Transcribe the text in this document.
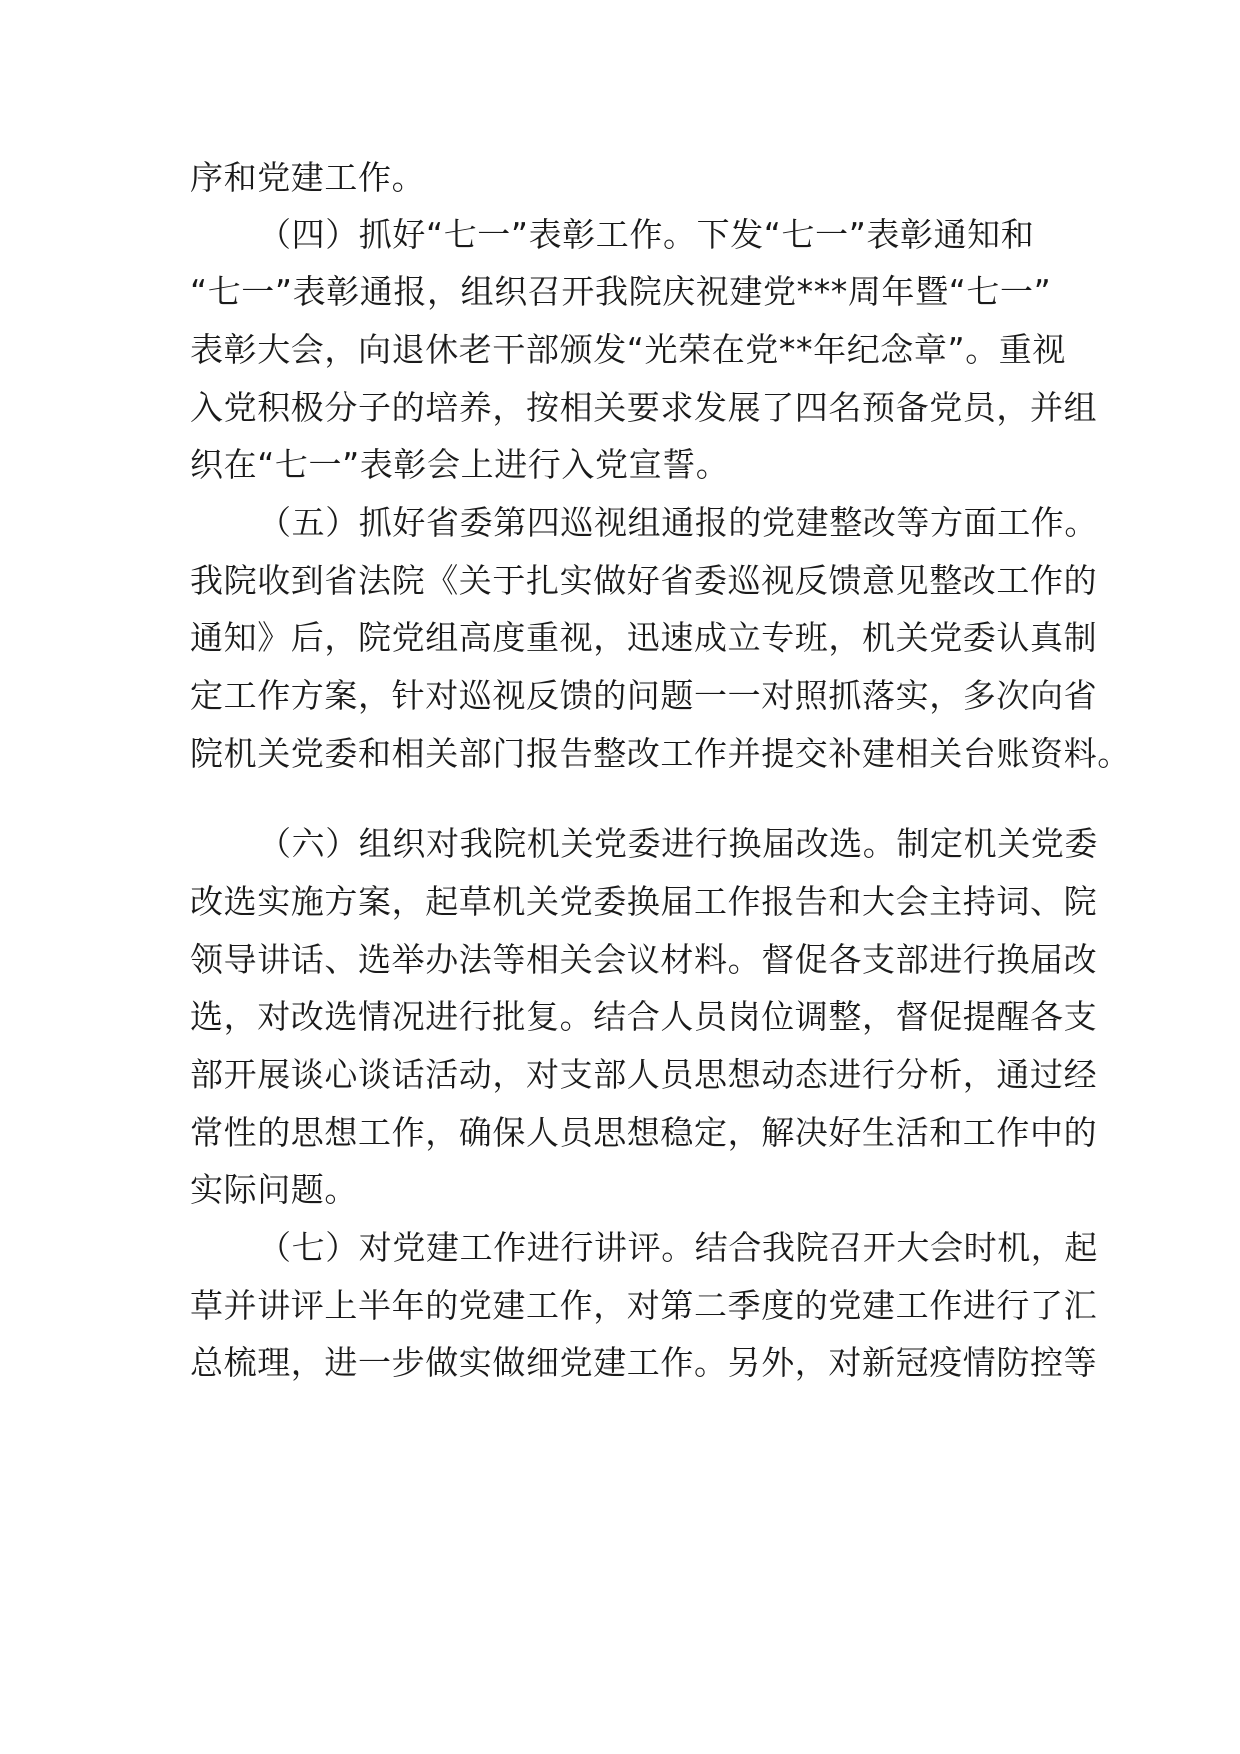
序和党建工作。
（四）抓好“七一”表彰工作。下发“七一”表彰通知和
“七一”表彰通报，组织召开我院庆祝建党***周年暨“七一”
表彰大会，向退休老干部颁发“光荣在党**年纪念章”。重视
入党积极分子的培养，按相关要求发展了四名预备党员，并组
织在“七一”表彰会上进行入党宣誓。
（五）抓好省委第四巡视组通报的党建整改等方面工作。
我院收到省法院《关于扎实做好省委巡视反馈意见整改工作的
通知》后，院党组高度重视，迅速成立专班，机关党委认真制
定工作方案，针对巡视反馈的问题一一对照抓落实，多次向省
院机关党委和相关部门报告整改工作并提交补建相关台账资料。
（六）组织对我院机关党委进行换届改选。制定机关党委
改选实施方案，起草机关党委换届工作报告和大会主持词、院
领导讲话、选举办法等相关会议材料。督促各支部进行换届改
选，对改选情况进行批复。结合人员岗位调整，督促提醒各支
部开展谈心谈话活动，对支部人员思想动态进行分析，通过经
常性的思想工作，确保人员思想稳定，解决好生活和工作中的
实际问题。
（七）对党建工作进行讲评。结合我院召开大会时机，起
草并讲评上半年的党建工作，对第二季度的党建工作进行了汇
总梳理，进一步做实做细党建工作。另外，对新冠疫情防控等
